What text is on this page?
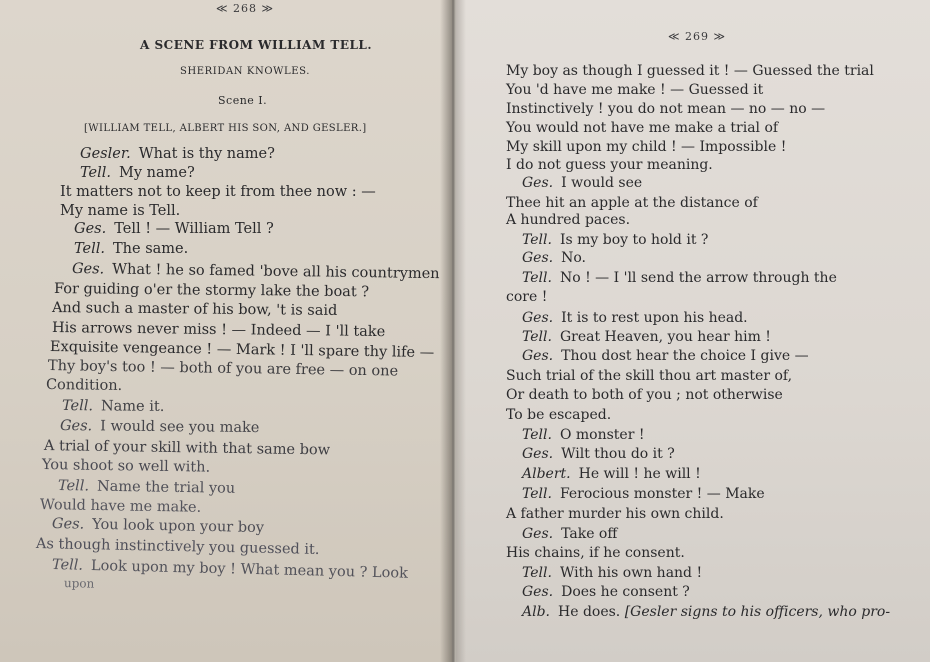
≪ 268 ≫
A SCENE FROM WILLIAM TELL.
SHERIDAN KNOWLES.
Scene I.
[WILLIAM TELL, ALBERT HIS SON, AND GESLER.]
Gesler. What is thy name?
Tell. My name?
It matters not to keep it from thee now : —
My name is Tell.
Ges. Tell ! — William Tell ?
Tell. The same.
Ges. What ! he so famed 'bove all his countrymen
For guiding o'er the stormy lake the boat ?
And such a master of his bow, 't is said
His arrows never miss ! — Indeed — I 'll take
Exquisite vengeance ! — Mark ! I 'll spare thy life —
Thy boy's too ! — both of you are free — on one
Condition.
Tell. Name it.
Ges. I would see you make
A trial of your skill with that same bow
You shoot so well with.
Tell. Name the trial you
Would have me make.
Ges. You look upon your boy
As though instinctively you guessed it.
Tell. Look upon my boy ! What mean you ? Look
upon
≪ 269 ≫
My boy as though I guessed it ! — Guessed the trial
You 'd have me make ! — Guessed it
Instinctively ! you do not mean — no — no —
You would not have me make a trial of
My skill upon my child ! — Impossible !
I do not guess your meaning.
Ges. I would see
Thee hit an apple at the distance of
A hundred paces.
Tell. Is my boy to hold it ?
Ges. No.
Tell. No ! — I 'll send the arrow through the
core !
Ges. It is to rest upon his head.
Tell. Great Heaven, you hear him !
Ges. Thou dost hear the choice I give —
Such trial of the skill thou art master of,
Or death to both of you ; not otherwise
To be escaped.
Tell. O monster !
Ges. Wilt thou do it ?
Albert. He will ! he will !
Tell. Ferocious monster ! — Make
A father murder his own child.
Ges. Take off
His chains, if he consent.
Tell. With his own hand !
Ges. Does he consent ?
Alb. He does. [Gesler signs to his officers, who pro-
